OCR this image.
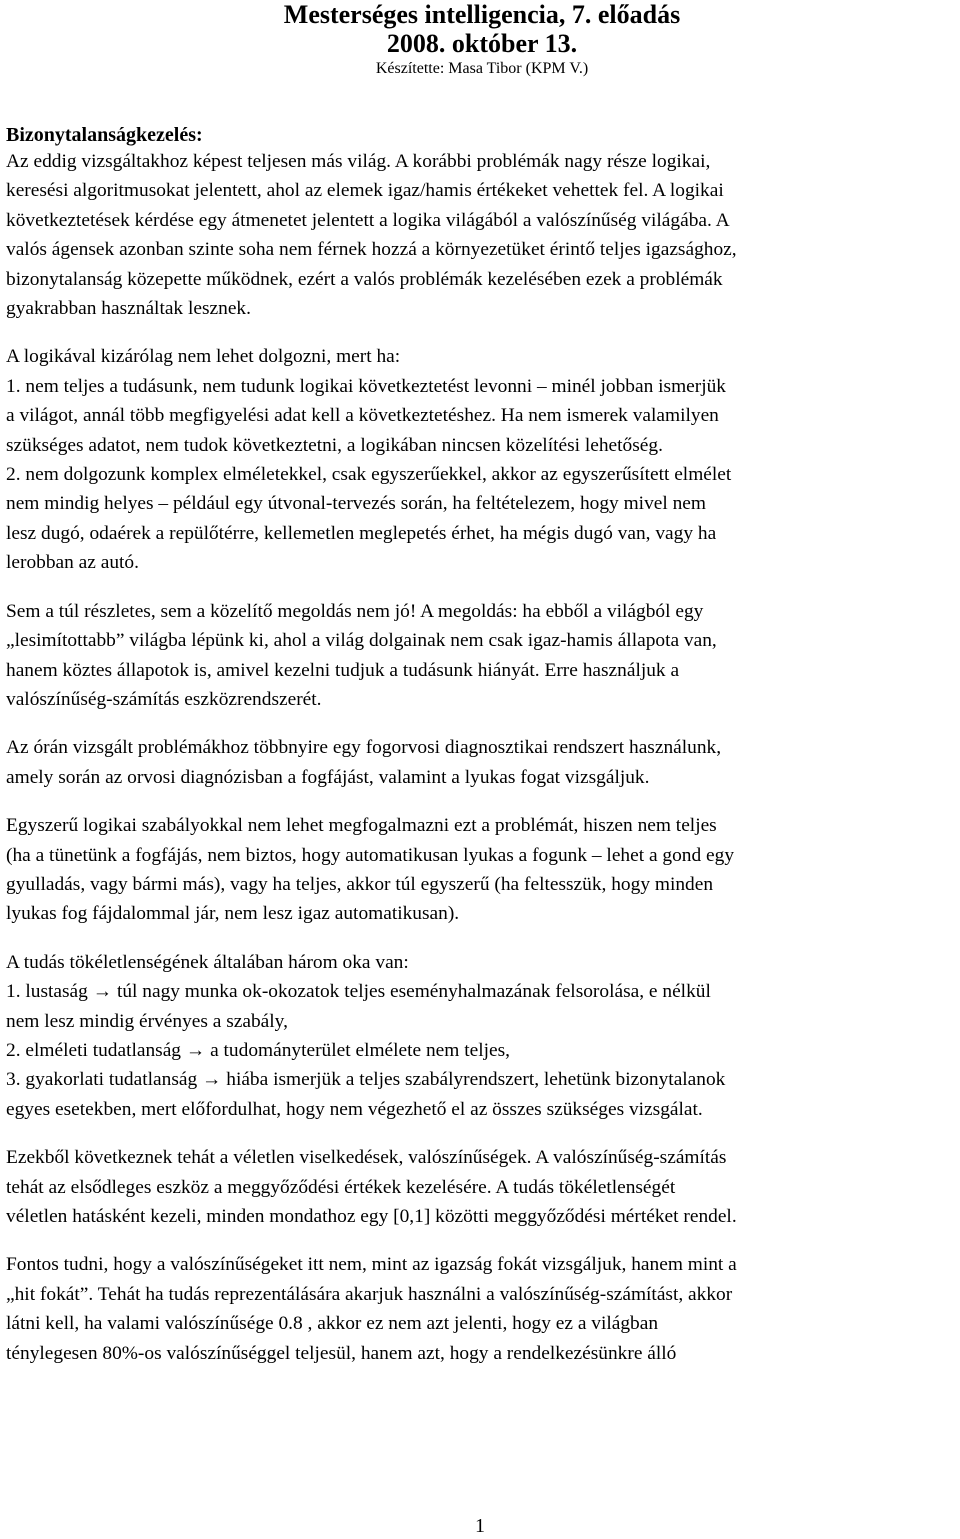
Mesterséges intelligencia, 7. előadás
2008. október 13.
Készítette: Masa Tibor (KPM V.)
Bizonytalanságkezelés:

Az eddig vizsgáltakhoz képest teljesen más világ. A korábbi problémák nagy része logikai,
keresési algoritmusokat jelentett, ahol az elemek igaz/hamis értékeket vehettek fel. A logikai
következtetések kérdése egy átmenetet jelentett a logika világából a valószínűség világába. A
valós ágensek azonban szinte soha nem férnek hozzá a környezetüket érintő teljes igazsághoz,
bizonytalanság közepette működnek, ezért a valós problémák kezelésében ezek a problémák
gyakrabban használtak lesznek.

A logikával kizárólag nem lehet dolgozni, mert ha:
1. nem teljes a tudásunk, nem tudunk logikai következtetést levonni – minél jobban ismerjük
a világot, annál több megfigyelési adat kell a következtetéshez. Ha nem ismerek valamilyen
szükséges adatot, nem tudok következtetni, a logikában nincsen közelítési lehetőség.
2. nem dolgozunk komplex elméletekkel, csak egyszerűekkel, akkor az egyszerűsített elmélet
nem mindig helyes – például egy útvonal-tervezés során, ha feltételezem, hogy mivel nem
lesz dugó, odaérek a repülőtérre, kellemetlen meglepetés érhet, ha mégis dugó van, vagy ha
lerobban az autó.

Sem a túl részletes, sem a közelítő megoldás nem jó! A megoldás: ha ebből a világból egy
„lesimítottabb” világba lépünk ki, ahol a világ dolgainak nem csak igaz-hamis állapota van,
hanem köztes állapotok is, amivel kezelni tudjuk a tudásunk hiányát. Erre használjuk a
valószínűség-számítás eszközrendszerét.

Az órán vizsgált problémákhoz többnyire egy fogorvosi diagnosztikai rendszert használunk,
amely során az orvosi diagnózisban a fogfájást, valamint a lyukas fogat vizsgáljuk.

Egyszerű logikai szabályokkal nem lehet megfogalmazni ezt a problémát, hiszen nem teljes
(ha a tünetünk a fogfájás, nem biztos, hogy automatikusan lyukas a fogunk – lehet a gond egy
gyulladás, vagy bármi más), vagy ha teljes, akkor túl egyszerű (ha feltesszük, hogy minden
lyukas fog fájdalommal jár, nem lesz igaz automatikusan).

A tudás tökéletlenségének általában három oka van:
1. lustaság → túl nagy munka ok-okozatok teljes eseményhalmazának felsorolása, e nélkül
nem lesz mindig érvényes a szabály,
2. elméleti tudatlanság → a tudományterület elmélete nem teljes,
3. gyakorlati tudatlanság → hiába ismerjük a teljes szabályrendszert, lehetünk bizonytalanok
egyes esetekben, mert előfordulhat, hogy nem végezhető el az összes szükséges vizsgálat.

Ezekből következnek tehát a véletlen viselkedések, valószínűségek. A valószínűség-számítás
tehát az elsődleges eszköz a meggyőződési értékek kezelésére. A tudás tökéletlenségét
véletlen hatásként kezeli, minden mondathoz egy [0,1] közötti meggyőződési mértéket rendel.

Fontos tudni, hogy a valószínűségeket itt nem, mint az igazság fokát vizsgáljuk, hanem mint a
„hit fokát”. Tehát ha tudás reprezentálására akarjuk használni a valószínűség-számítást, akkor
látni kell, ha valami valószínűsége 0.8 , akkor ez nem azt jelenti, hogy ez a világban
ténylegesen 80%-os valószínűséggel teljesül, hanem azt, hogy a rendelkezésünkre álló

1
